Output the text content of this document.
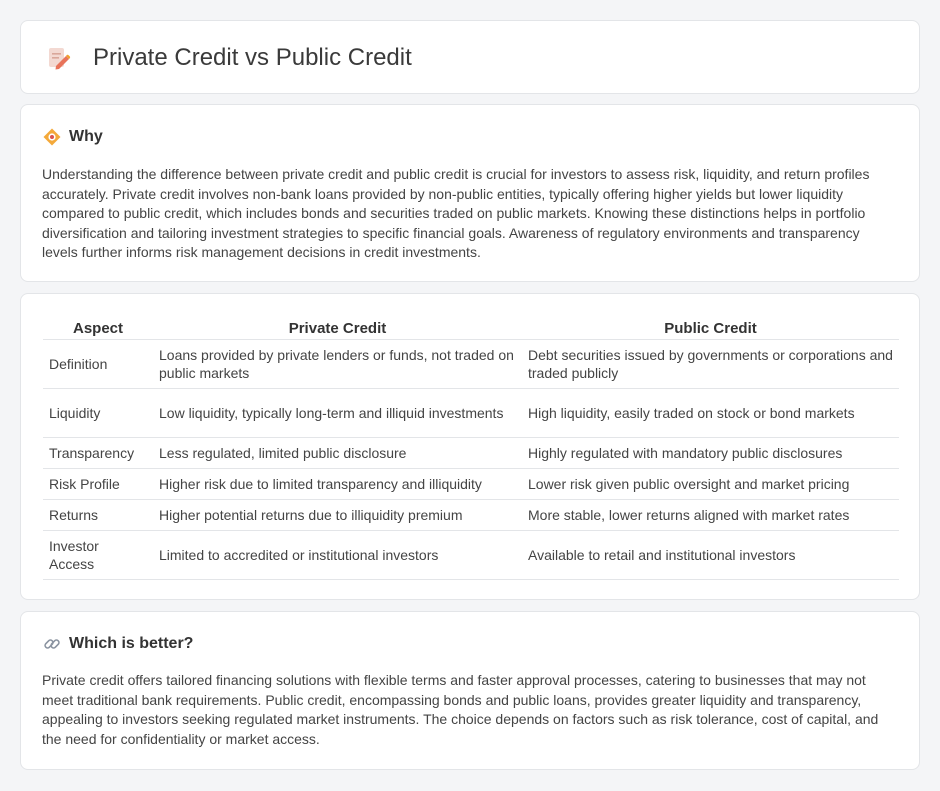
Private Credit vs Public Credit
Why

Understanding the difference between private credit and public credit is crucial for investors to assess risk, liquidity, and return profiles accurately. Private credit involves non-bank loans provided by non-public entities, typically offering higher yields but lower liquidity compared to public credit, which includes bonds and securities traded on public markets. Knowing these distinctions helps in portfolio diversification and tailoring investment strategies to specific financial goals. Awareness of regulatory environments and transparency levels further informs risk management decisions in credit investments.

Aspect	Private Credit	Public Credit
Definition	Loans provided by private lenders or funds, not traded on public markets	Debt securities issued by governments or corporations and traded publicly
Liquidity	Low liquidity, typically long-term and illiquid investments	High liquidity, easily traded on stock or bond markets
Transparency	Less regulated, limited public disclosure	Highly regulated with mandatory public disclosures
Risk Profile	Higher risk due to limited transparency and illiquidity	Lower risk given public oversight and market pricing
Returns	Higher potential returns due to illiquidity premium	More stable, lower returns aligned with market rates
Investor Access	Limited to accredited or institutional investors	Available to retail and institutional investors
Which is better?

Private credit offers tailored financing solutions with flexible terms and faster approval processes, catering to businesses that may not meet traditional bank requirements. Public credit, encompassing bonds and public loans, provides greater liquidity and transparency, appealing to investors seeking regulated market instruments. The choice depends on factors such as risk tolerance, cost of capital, and the need for confidentiality or market access.
